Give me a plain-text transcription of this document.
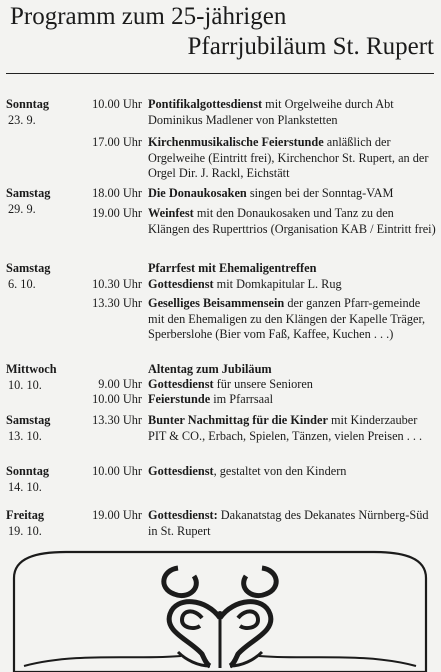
Programm zum 25-jährigen
Pfarrjubiläum St. Rupert
Sonntag
23. 9.
10.00 Uhr Pontifikalgottesdienst mit Orgelweihe durch Abt Dominikus Madlener von Plankstetten
17.00 Uhr Kirchenmusikalische Feierstunde anläßlich der Orgelweihe (Eintritt frei), Kirchenchor St. Rupert, an der Orgel Dir. J. Rackl, Eichstätt
Samstag
29. 9.
18.00 Uhr Die Donaukosaken singen bei der Sonntag-VAM
19.00 Uhr Weinfest mit den Donaukosaken und Tanz zu den Klängen des Ruperttrios (Organisation KAB / Eintritt frei)
Samstag
6. 10.
Pfarrfest mit Ehemaligentreffen
10.30 Uhr Gottesdienst mit Domkapitular L. Rug
13.30 Uhr Geselliges Beisammensein der ganzen Pfarr-gemeinde mit den Ehemaligen zu den Klängen der Kapelle Träger, Sperberslohe (Bier vom Faß, Kaffee, Kuchen . . .)
Mittwoch
10. 10.
Altentag zum Jubiläum
9.00 Uhr Gottesdienst für unsere Senioren
10.00 Uhr Feierstunde im Pfarrsaal
Samstag
13. 10.
13.30 Uhr Bunter Nachmittag für die Kinder mit Kinderzauber PIT & CO., Erbach, Spielen, Tänzen, vielen Preisen . . .
Sonntag
14. 10.
10.00 Uhr Gottesdienst, gestaltet von den Kindern
Freitag
19. 10.
19.00 Uhr Gottesdienst: Dakanatstag des Dekanates Nürnberg-Süd in St. Rupert
